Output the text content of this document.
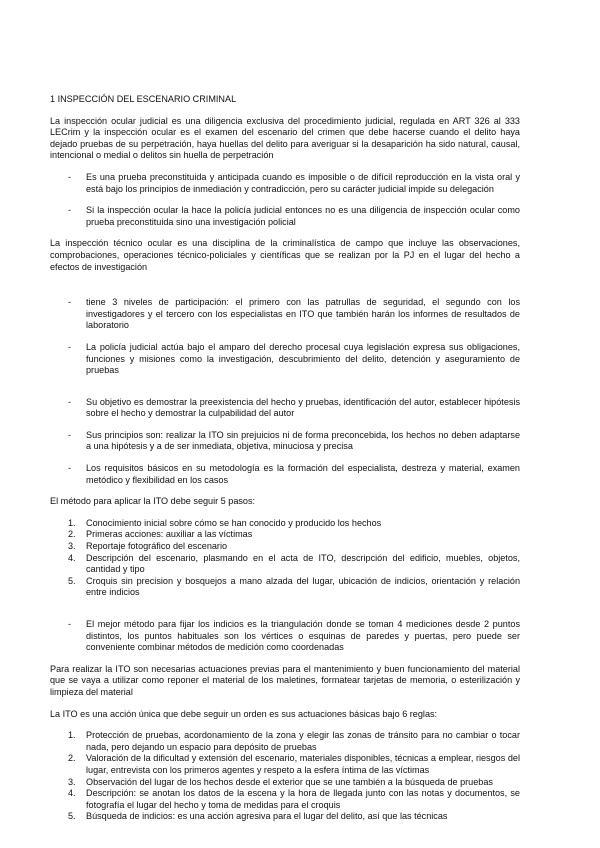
1 INSPECCIÓN DEL ESCENARIO CRIMINAL

La inspección ocular judicial es una diligencia exclusiva del procedimiento judicial, regulada en ART 326 al 333 LECrim y la inspección ocular es el examen del escenario del crimen que debe hacerse cuando el delito haya dejado pruebas de su perpetración, haya huellas del delito para averiguar si la desaparición ha sido natural, causal, intencional o medial o delitos sin huella de perpetración

- Es una prueba preconstituida y anticipada cuando es imposible o de difícil reproducción en la vista oral y está bajo los principios de inmediación y contradicción, pero su carácter judicial impide su delegación
- Si la inspección ocular la hace la policía judicial entonces no es una diligencia de inspección ocular como prueba preconstituida sino una investigación policial

La inspección técnico ocular es una disciplina de la criminalística de campo que incluye las observaciones, comprobaciones, operaciones técnico-policiales y científicas que se realizan por la PJ en el lugar del hecho a efectos de investigación

- tiene 3 niveles de participación: el primero con las patrullas de seguridad, el segundo con los investigadores y el tercero con los especialistas en ITO que también harán los informes de resultados de laboratorio
- La policía judicial actúa bajo el amparo del derecho procesal cuya legislación expresa sus obligaciones, funciones y misiones como la investigación, descubrimiento del delito, detención y aseguramiento de pruebas
- Su objetivo es demostrar la preexistencia del hecho y pruebas, identificación del autor, establecer hipótesis sobre el hecho y demostrar la culpabilidad del autor
- Sus principios son: realizar la ITO sin prejuicios ni de forma preconcebida, los hechos no deben adaptarse a una hipótesis y a de ser inmediata, objetiva, minuciosa y precisa
- Los requisitos básicos en su metodología es la formación del especialista, destreza y material, examen metódico y flexibilidad en los casos

El método para aplicar la ITO debe seguir 5 pasos:

1. Conocimiento inicial sobre cómo se han conocido y producido los hechos
2. Primeras acciones: auxiliar a las víctimas
3. Reportaje fotográfico del escenario
4. Descripción del escenario, plasmando en el acta de ITO, descripción del edificio, muebles, objetos, cantidad y tipo
5. Croquis sin precision y bosquejos a mano alzada del lugar, ubicación de indicios, orientación y relación entre indicios
- El mejor método para fijar los indicios es la triangulación donde se toman 4 mediciones desde 2 puntos distintos, los puntos habituales son los vértices o esquinas de paredes y puertas, pero puede ser conveniente combinar métodos de medición como coordenadas

Para realizar la ITO son necesarias actuaciones previas para el mantenimiento y buen funcionamiento del material que se vaya a utilizar como reponer el material de los maletines, formatear tarjetas de memoria, o esterilización y limpieza del material

La ITO es una acción única que debe seguir un orden es sus actuaciones básicas bajo 6 reglas:

1. Protección de pruebas, acordonamiento de la zona y elegir las zonas de tránsito para no cambiar o tocar nada, pero dejando un espacio para depósito de pruebas
2. Valoración de la dificultad y extensión del escenario, materiales disponibles, técnicas a emplear, riesgos del lugar, entrevista con los primeros agentes y respeto a la esfera íntima de las víctimas
3. Observación del lugar de los hechos desde el exterior que se une también a la búsqueda de pruebas
4. Descripción: se anotan los datos de la escena y la hora de llegada junto con las notas y documentos, se fotografía el lugar del hecho y toma de medidas para el croquis
5. Búsqueda de indicios: es una acción agresiva para el lugar del delito, así que las técnicas
